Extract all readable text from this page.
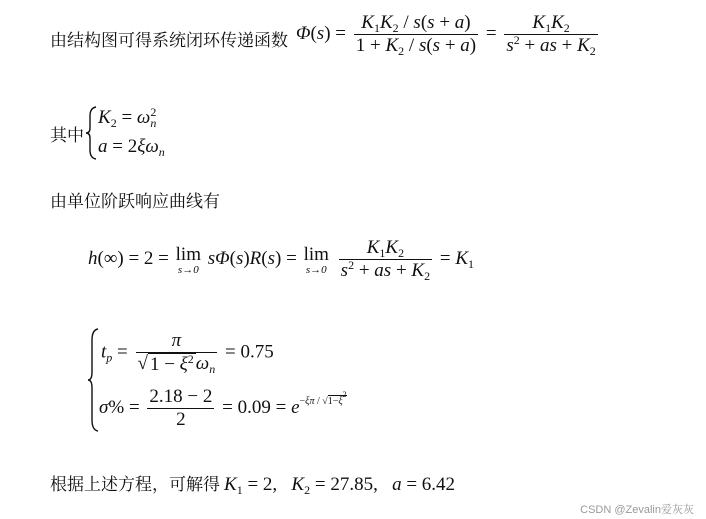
由结构图可得系统闭环传递函数 $\Phi(s) = \frac{K_1K_2 / s(s + a)}{1 + K_2 / s(s + a)} = \frac{K_1K_2}{s^2 + as + K_2}$
其中
$K_2 = \omega_n^2$
$a = 2\xi\omega_n$
由单位阶跃响应曲线有
h(∞) = 2 = lim
s→0
sΦ(s)R(s) = lim
s→0
$\frac{K_1K_2}{s^2 + as + K_2} = K_1$
$t_p = \frac{\pi}{√ 1 - \xi^2 \omega_n} = 0.75$
$\sigma\% = \frac{2.18 - 2}{2} = 0.09 = e^{-\xi\pi / √1-\xi^2}$
根据上述方程，可解得 $K_1 = 2$,   $K_2 = 27.85$,   a = 6.42
CSDN @Zevalin爱灰灰
